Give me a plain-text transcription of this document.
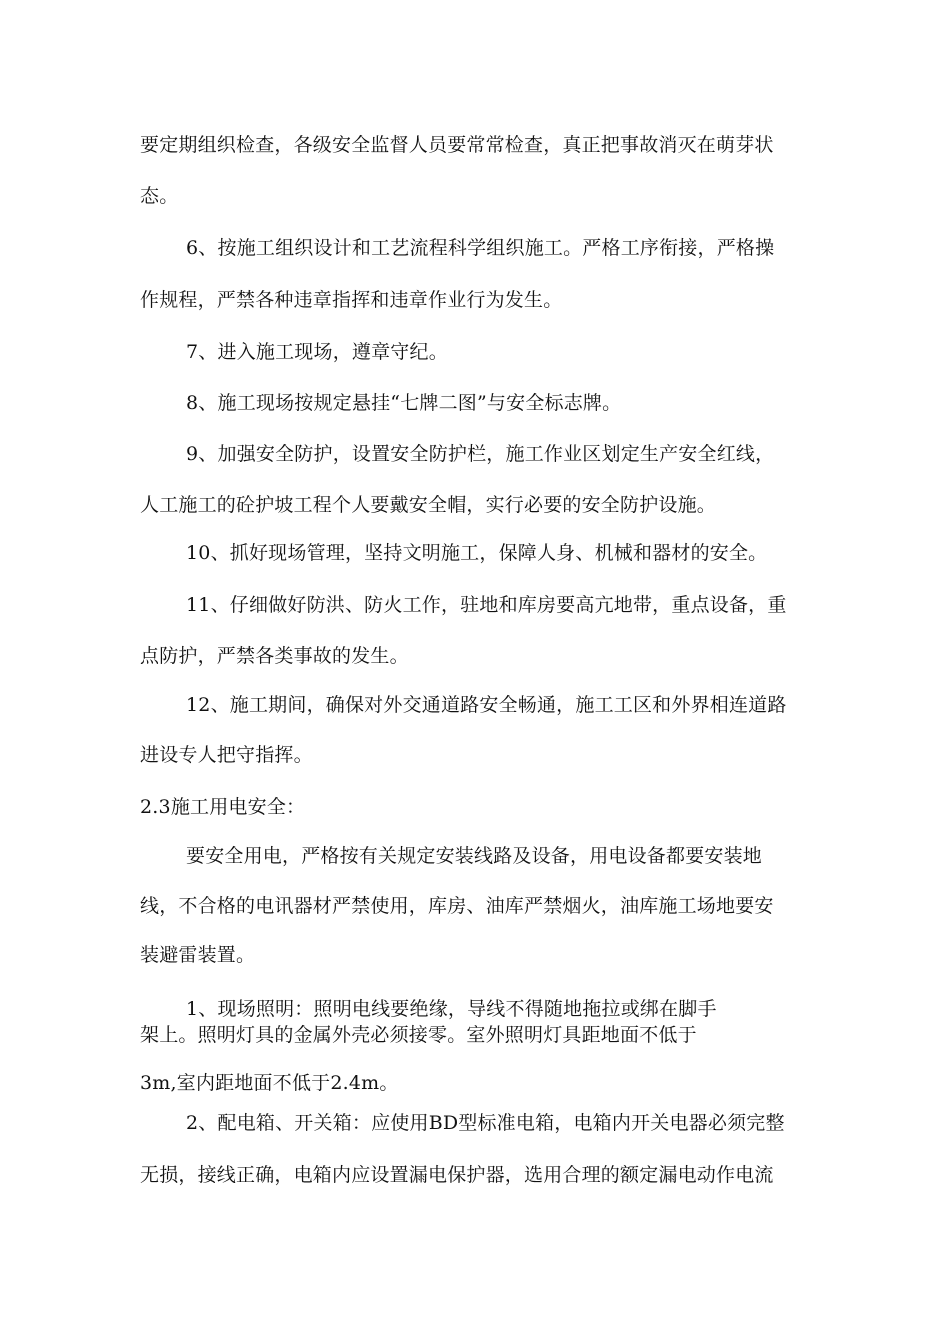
要定期组织检查，各级安全监督人员要常常检查，真正把事故消灭在萌芽状
态。
6、按施工组织设计和工艺流程科学组织施工。严格工序衔接，严格操
作规程，严禁各种违章指挥和违章作业行为发生。
7、进入施工现场，遵章守纪。
8、施工现场按规定悬挂“七牌二图”与安全标志牌。
9、加强安全防护，设置安全防护栏，施工作业区划定生产安全红线，
人工施工的砼护坡工程个人要戴安全帽，实行必要的安全防护设施。
10、抓好现场管理，坚持文明施工，保障人身、机械和器材的安全。
11、仔细做好防洪、防火工作，驻地和库房要高亢地带，重点设备，重
点防护，严禁各类事故的发生。
12、施工期间，确保对外交通道路安全畅通，施工工区和外界相连道路
进设专人把守指挥。
2.3施工用电安全：
要安全用电，严格按有关规定安装线路及设备，用电设备都要安装地
线，不合格的电讯器材严禁使用，库房、油库严禁烟火，油库施工场地要安
装避雷装置。
1、现场照明：照明电线要绝缘，导线不得随地拖拉或绑在脚手
架上。照明灯具的金属外壳必须接零。室外照明灯具距地面不低于
3m,室内距地面不低于2.4m。
2、配电箱、开关箱：应使用BD型标准电箱，电箱内开关电器必须完整
无损，接线正确，电箱内应设置漏电保护器，选用合理的额定漏电动作电流
